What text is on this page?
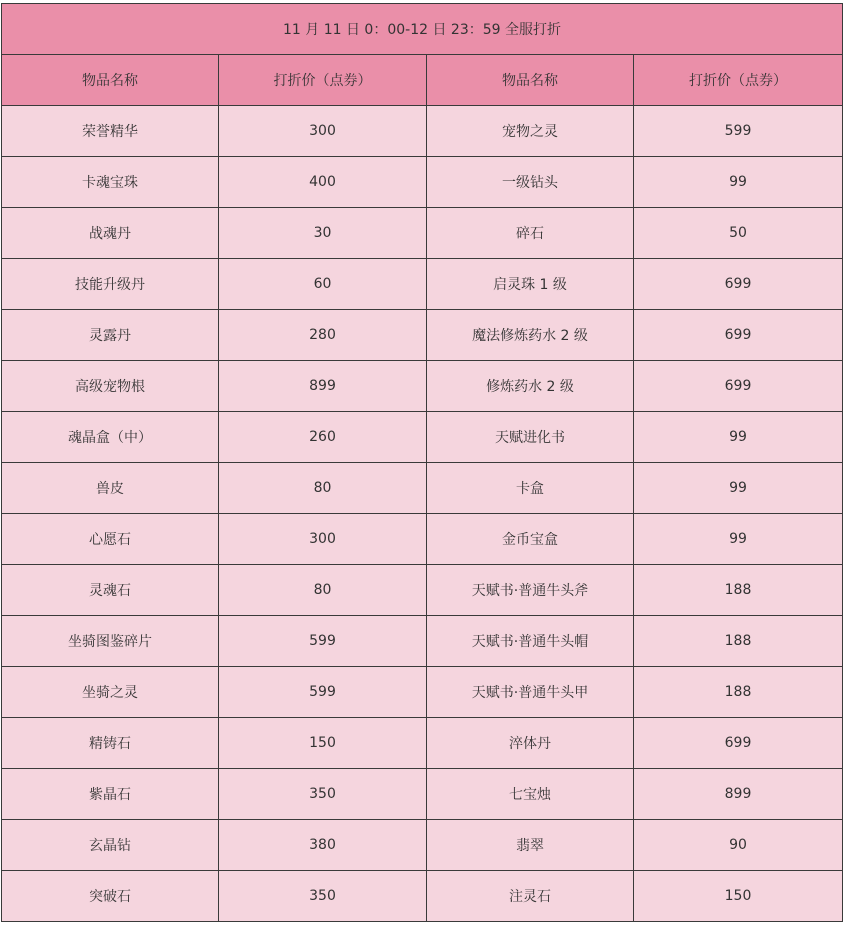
11 月 11 日 0：00-12 日 23：59 全服打折			
物品名称	打折价（点券）	物品名称	打折价（点券）
荣誉精华	300	宠物之灵	599
卡魂宝珠	400	一级钻头	99
战魂丹	30	碎石	50
技能升级丹	60	启灵珠 1 级	699
灵露丹	280	魔法修炼药水 2 级	699
高级宠物根	899	修炼药水 2 级	699
魂晶盒（中）	260	天赋进化书	99
兽皮	80	卡盒	99
心愿石	300	金币宝盒	99
灵魂石	80	天赋书·普通牛头斧	188
坐骑图鉴碎片	599	天赋书·普通牛头帽	188
坐骑之灵	599	天赋书·普通牛头甲	188
精铸石	150	淬体丹	699
紫晶石	350	七宝烛	899
玄晶钻	380	翡翠	90
突破石	350	注灵石	150
